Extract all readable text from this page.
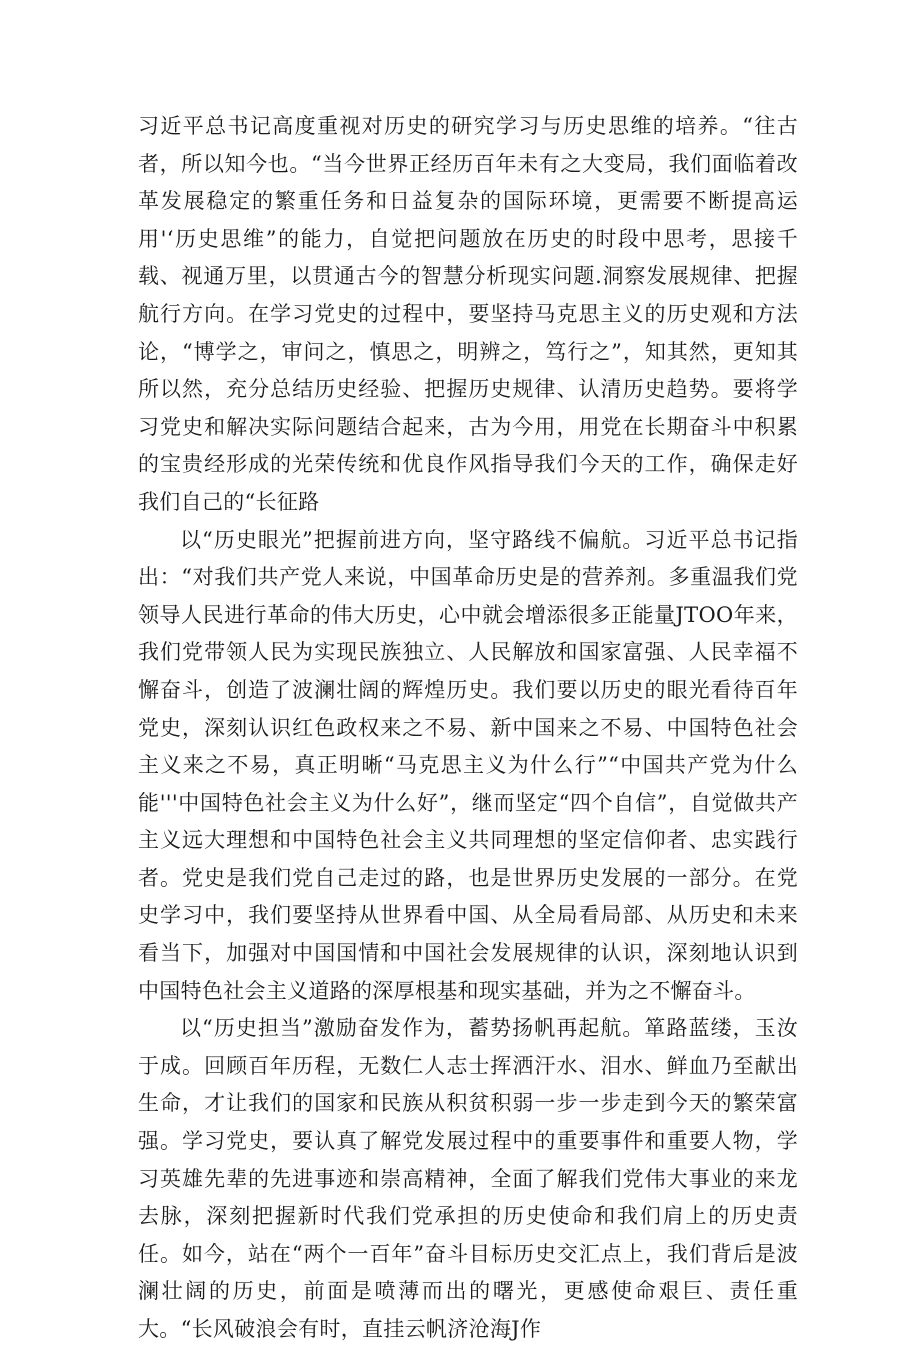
习近平总书记高度重视对历史的研究学习与历史思维的培养。“往古者，所以知今也。“当今世界正经历百年未有之大变局，我们面临着改革发展稳定的繁重任务和日益复杂的国际环境，更需要不断提高运用'‘历史思维”的能力，自觉把问题放在历史的时段中思考，思接千载、视通万里，以贯通古今的智慧分析现实问题.洞察发展规律、把握航行方向。在学习党史的过程中，要坚持马克思主义的历史观和方法论，“博学之，审问之，慎思之，明辨之，笃行之”，知其然，更知其所以然，充分总结历史经验、把握历史规律、认清历史趋势。要将学习党史和解决实际问题结合起来，古为今用，用党在长期奋斗中积累的宝贵经形成的光荣传统和优良作风指导我们今天的工作，确保走好我们自己的“长征路

以“历史眼光”把握前进方向，坚守路线不偏航。习近平总书记指出：“对我们共产党人来说，中国革命历史是的营养剂。多重温我们党领导人民进行革命的伟大历史，心中就会增添很多正能量JTOO年来，我们党带领人民为实现民族独立、人民解放和国家富强、人民幸福不懈奋斗，创造了波澜壮阔的辉煌历史。我们要以历史的眼光看待百年党史，深刻认识红色政权来之不易、新中国来之不易、中国特色社会主义来之不易，真正明晰“马克思主义为什么行”“中国共产党为什么能'''中国特色社会主义为什么好”，继而坚定“四个自信”，自觉做共产主义远大理想和中国特色社会主义共同理想的坚定信仰者、忠实践行者。党史是我们党自己走过的路，也是世界历史发展的一部分。在党史学习中，我们要坚持从世界看中国、从全局看局部、从历史和未来看当下，加强对中国国情和中国社会发展规律的认识，深刻地认识到中国特色社会主义道路的深厚根基和现实基础，并为之不懈奋斗。

以“历史担当”激励奋发作为，蓄势扬帆再起航。箪路蓝缕，玉汝于成。回顾百年历程，无数仁人志士挥洒汗水、泪水、鲜血乃至献出生命，才让我们的国家和民族从积贫积弱一步一步走到今天的繁荣富强。学习党史，要认真了解党发展过程中的重要事件和重要人物，学习英雄先辈的先进事迹和崇高精神，全面了解我们党伟大事业的来龙去脉，深刻把握新时代我们党承担的历史使命和我们肩上的历史责任。如今，站在“两个一百年”奋斗目标历史交汇点上，我们背后是波澜壮阔的历史，前面是喷薄而出的曙光，更感使命艰巨、责任重大。“长风破浪会有时，直挂云帆济沧海J作
